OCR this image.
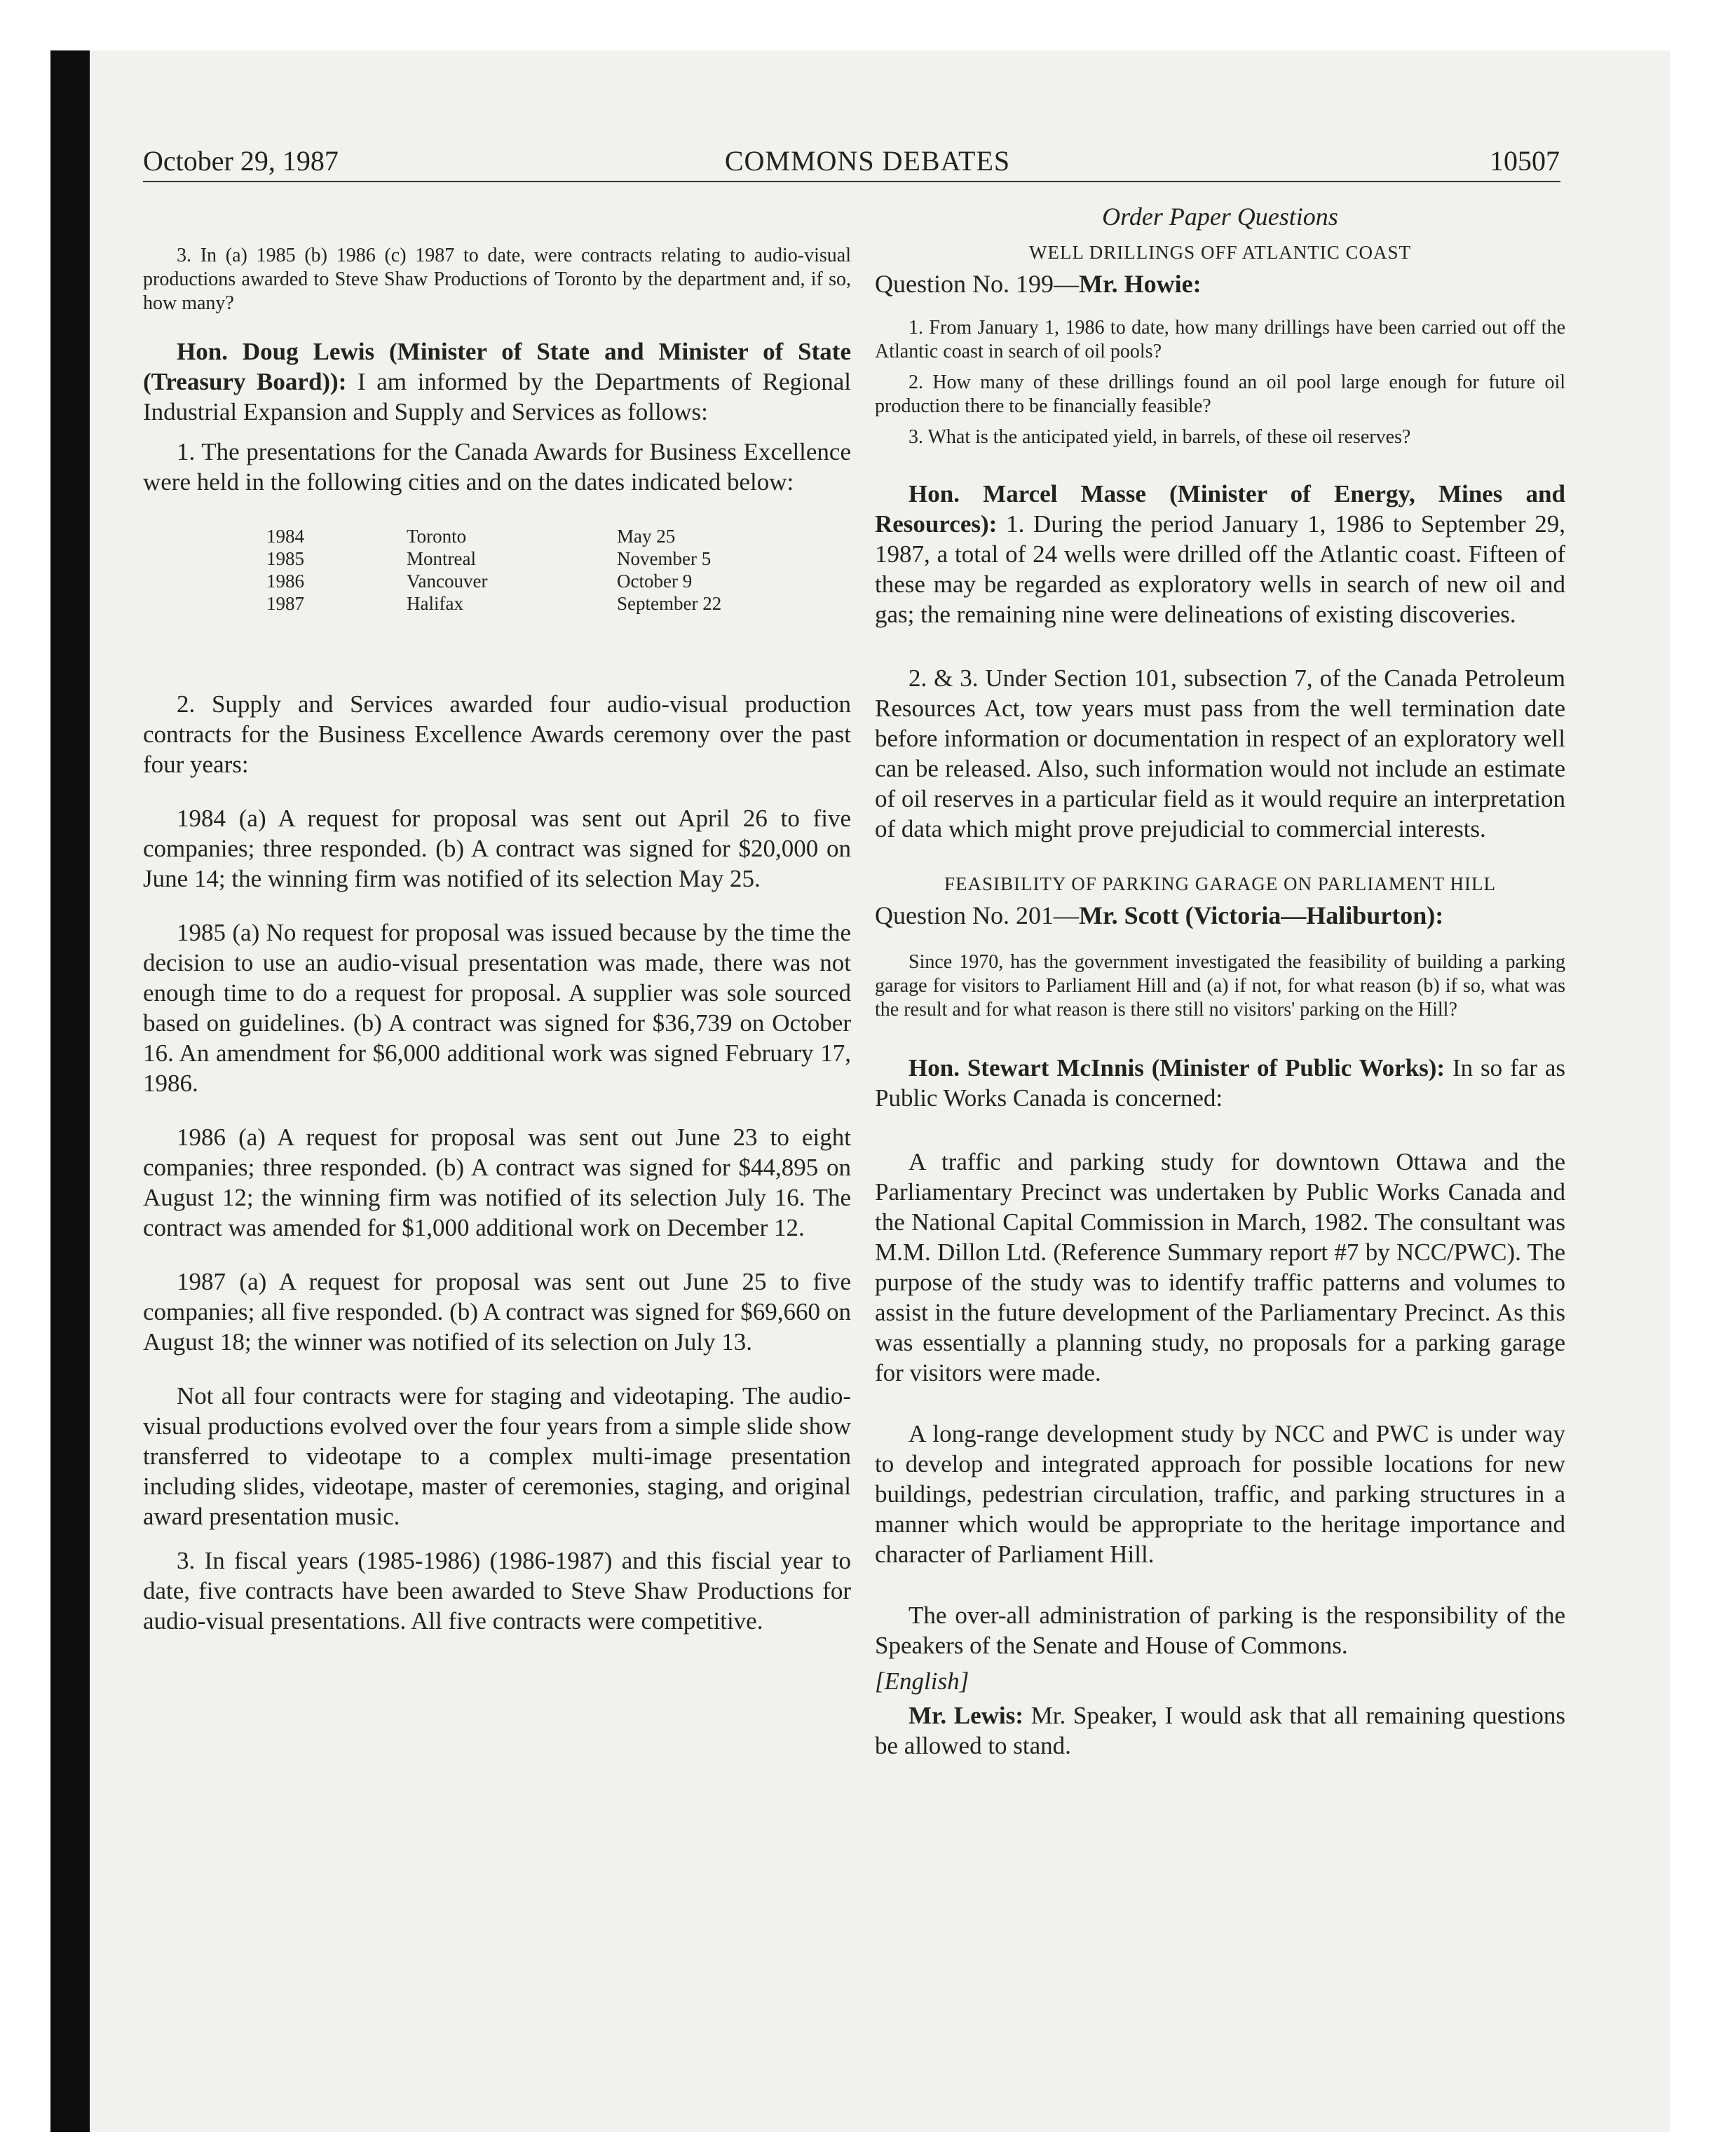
October 29, 1987	COMMONS DEBATES	10507

3. In (a) 1985 (b) 1986 (c) 1987 to date, were contracts relating to audio-visual productions awarded to Steve Shaw Productions of Toronto by the department and, if so, how many?

Hon. Doug Lewis (Minister of State and Minister of State (Treasury Board)): I am informed by the Departments of Regional Industrial Expansion and Supply and Services as follows:

1. The presentations for the Canada Awards for Business Excellence were held in the following cities and on the dates indicated below:

1984	Toronto	May 25
1985	Montreal	November 5
1986	Vancouver	October 9
1987	Halifax	September 22

2. Supply and Services awarded four audio-visual production contracts for the Business Excellence Awards ceremony over the past four years:

1984 (a) A request for proposal was sent out April 26 to five companies; three responded. (b) A contract was signed for $20,000 on June 14; the winning firm was notified of its selection May 25.

1985 (a) No request for proposal was issued because by the time the decision to use an audio-visual presentation was made, there was not enough time to do a request for proposal. A supplier was sole sourced based on guidelines. (b) A contract was signed for $36,739 on October 16. An amendment for $6,000 additional work was signed February 17, 1986.

1986 (a) A request for proposal was sent out June 23 to eight companies; three responded. (b) A contract was signed for $44,895 on August 12; the winning firm was notified of its selection July 16. The contract was amended for $1,000 additional work on December 12.

1987 (a) A request for proposal was sent out June 25 to five companies; all five responded. (b) A contract was signed for $69,660 on August 18; the winner was notified of its selection on July 13.

Not all four contracts were for staging and videotaping. The audio-visual productions evolved over the four years from a simple slide show transferred to videotape to a complex multi-image presentation including slides, videotape, master of ceremonies, staging, and original award presentation music.

3. In fiscal years (1985-1986) (1986-1987) and this fiscial year to date, five contracts have been awarded to Steve Shaw Productions for audio-visual presentations. All five contracts were competitive.

Order Paper Questions

WELL DRILLINGS OFF ATLANTIC COAST

Question No. 199—Mr. Howie:

1. From January 1, 1986 to date, how many drillings have been carried out off the Atlantic coast in search of oil pools?

2. How many of these drillings found an oil pool large enough for future oil production there to be financially feasible?

3. What is the anticipated yield, in barrels, of these oil reserves?

Hon. Marcel Masse (Minister of Energy, Mines and Resources): 1. During the period January 1, 1986 to September 29, 1987, a total of 24 wells were drilled off the Atlantic coast. Fifteen of these may be regarded as exploratory wells in search of new oil and gas; the remaining nine were delineations of existing discoveries.

2. & 3. Under Section 101, subsection 7, of the Canada Petroleum Resources Act, tow years must pass from the well termination date before information or documentation in respect of an exploratory well can be released. Also, such information would not include an estimate of oil reserves in a particular field as it would require an interpretation of data which might prove prejudicial to commercial interests.

FEASIBILITY OF PARKING GARAGE ON PARLIAMENT HILL

Question No. 201—Mr. Scott (Victoria—Haliburton):

Since 1970, has the government investigated the feasibility of building a parking garage for visitors to Parliament Hill and (a) if not, for what reason (b) if so, what was the result and for what reason is there still no visitors' parking on the Hill?

Hon. Stewart McInnis (Minister of Public Works): In so far as Public Works Canada is concerned:

A traffic and parking study for downtown Ottawa and the Parliamentary Precinct was undertaken by Public Works Canada and the National Capital Commission in March, 1982. The consultant was M.M. Dillon Ltd. (Reference Summary report #7 by NCC/PWC). The purpose of the study was to identify traffic patterns and volumes to assist in the future development of the Parliamentary Precinct. As this was essentially a planning study, no proposals for a parking garage for visitors were made.

A long-range development study by NCC and PWC is under way to develop and integrated approach for possible locations for new buildings, pedestrian circulation, traffic, and parking structures in a manner which would be appropriate to the heritage importance and character of Parliament Hill.

The over-all administration of parking is the responsibility of the Speakers of the Senate and House of Commons.

[English]

Mr. Lewis: Mr. Speaker, I would ask that all remaining questions be allowed to stand.
